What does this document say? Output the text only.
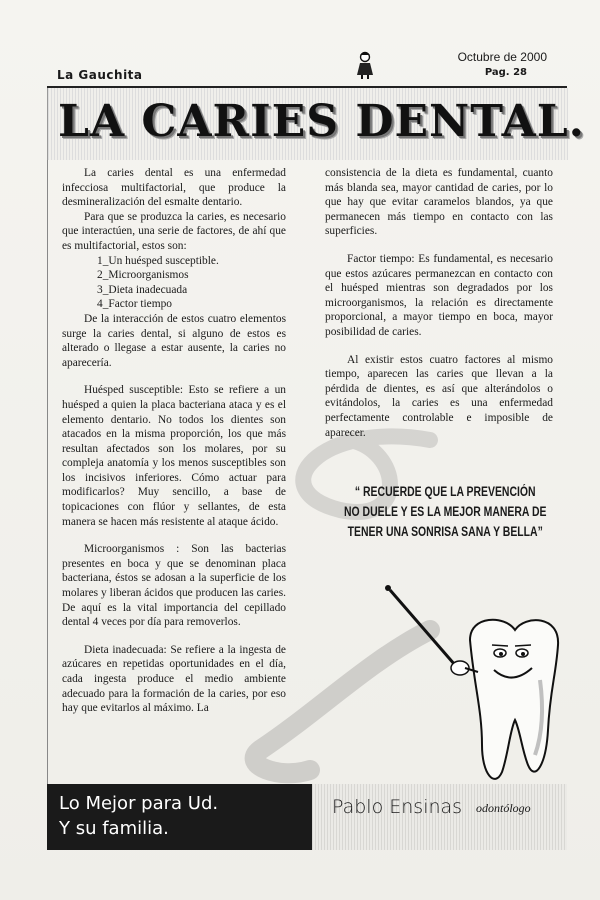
La Gauchita
Octubre de 2000
Pag. 28
LA CARIES DENTAL.

La caries dental es una enfermedad infecciosa multifactorial, que produce la desmineralización del esmalte dentario.

Para que se produzca la caries, es necesario que interactúen, una serie de factores, de ahí que es multifactorial, estos son:

1_Un huésped susceptible.
2_Microorganismos
3_Dieta inadecuada
4_Factor tiempo

De la interacción de estos cuatro elementos surge la caries dental, si alguno de estos es alterado o llegase a estar ausente, la caries no aparecería.

Huésped susceptible: Esto se refiere a un huésped a quien la placa bacteriana ataca y es el elemento dentario. No todos los dientes son atacados en la misma proporción, los que más resultan afectados son los molares, por su compleja anatomía y los menos susceptibles son los incisivos inferiores. Cómo actuar para modificarlos? Muy sencillo, a base de topicaciones con flúor y sellantes, de esta manera se hacen más resistente al ataque ácido.

Microorganismos : Son las bacterias presentes en boca y que se denominan placa bacteriana, éstos se adosan a la superficie de los molares y liberan ácidos que producen las caries. De aquí es la vital importancia del cepillado dental 4 veces por día para removerlos.

Dieta inadecuada: Se refiere a la ingesta de azúcares en repetidas oportunidades en el día, cada ingesta produce el medio ambiente adecuado para la formación de la caries, por eso hay que evitarlos al máximo. La

consistencia de la dieta es fundamental, cuanto más blanda sea, mayor cantidad de caries, por lo que hay que evitar caramelos blandos, ya que permanecen más tiempo en contacto con las superficies.

Factor tiempo: Es fundamental, es necesario que estos azúcares permanezcan en contacto con el huésped mientras son degradados por los microorganismos, la relación es directamente proporcional, a mayor tiempo en boca, mayor posibilidad de caries.

Al existir estos cuatro factores al mismo tiempo, aparecen las caries que llevan a la pérdida de dientes, es así que alterándolos o evitándolos, la caries es una enfermedad perfectamente controlable e imposible de aparecer.

“ RECUERDE QUE LA PREVENCIÓN
NO DUELE Y ES LA MEJOR MANERA DE
TENER UNA SONRISA SANA Y BELLA”
Lo Mejor para Ud.
Y su familia.
Pablo Ensinas odontólogo
